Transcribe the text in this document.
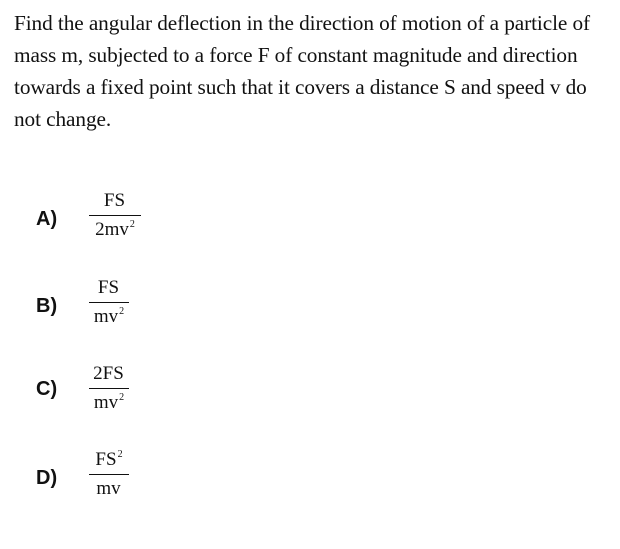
Find the angular deflection in the direction of motion of a particle of mass m, subjected to a force F of constant magnitude and direction towards a fixed point such that it covers a distance S and speed v do not change.

A)
FS
$2mv^2$
B)
FS
$mv^2$
C)
2FS
$mv^2$
D)
$FS^2$
mv
